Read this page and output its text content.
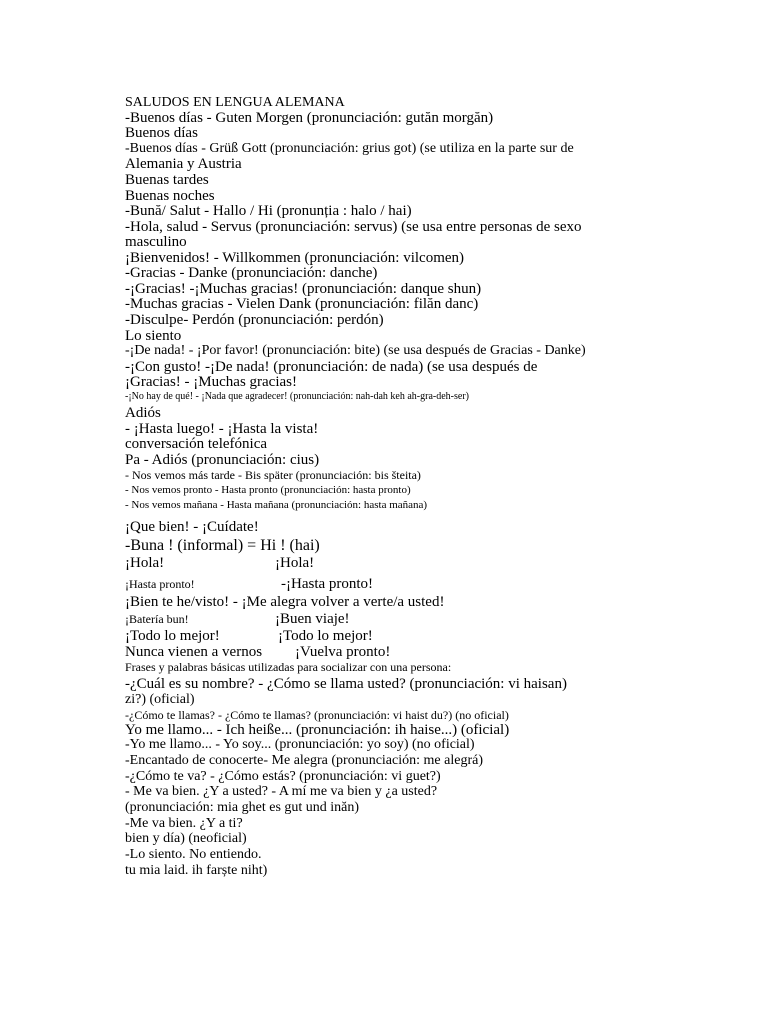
SALUDOS EN LENGUA ALEMANA
-Buenos días - Guten Morgen (pronunciación: gutăn morgăn)
Buenos días
-Buenos días - Grüß Gott (pronunciación: grius got) (se utiliza en la parte sur de
Alemania y Austria
Buenas tardes
Buenas noches
-Bună/ Salut - Hallo / Hi (pronunția : halo / hai)
-Hola, salud - Servus (pronunciación: servus) (se usa entre personas de sexo
masculino
¡Bienvenidos! - Willkommen (pronunciación: vilcomen)
-Gracias - Danke (pronunciación: danche)
-¡Gracias! -¡Muchas gracias! (pronunciación: danque shun)
-Muchas gracias - Vielen Dank (pronunciación: filăn danc)
-Disculpe- Perdón (pronunciación: perdón)
Lo siento
-¡De nada! - ¡Por favor! (pronunciación: bite) (se usa después de Gracias - Danke)
-¡Con gusto! -¡De nada! (pronunciación: de nada) (se usa después de
¡Gracias! - ¡Muchas gracias!
-¡No hay de qué! - ¡Nada que agradecer! (pronunciación: nah-dah keh ah-gra-deh-ser)
Adiós
- ¡Hasta luego! - ¡Hasta la vista!
conversación telefónica
Pa - Adiós (pronunciación: cius)
- Nos vemos más tarde - Bis später (pronunciación: bis šteita)
- Nos vemos pronto - Hasta pronto (pronunciación: hasta pronto)
- Nos vemos mañana - Hasta mañana (pronunciación: hasta mañana)
¡Que bien! - ¡Cuídate!
-Buna ! (informal) = Hi ! (hai)
¡Hola!	¡Hola!
¡Hasta pronto!	-¡Hasta pronto!
¡Bien te he/visto! - ¡Me alegra volver a verte/a usted!
¡Batería bun!	¡Buen viaje!
¡Todo lo mejor!	¡Todo lo mejor!
Nunca vienen a vernos ¡Vuelva pronto!
Frases y palabras básicas utilizadas para socializar con una persona:
-¿Cuál es su nombre? - ¿Cómo se llama usted? (pronunciación: vi haisan)
zi?) (oficial)
-¿Cómo te llamas? - ¿Cómo te llamas? (pronunciación: vi haist du?) (no oficial)
Yo me llamo... - Ich heiße... (pronunciación: ih haise...) (oficial)
-Yo me llamo... - Yo soy... (pronunciación: yo soy) (no oficial)
-Encantado de conocerte- Me alegra (pronunciación: me alegrá)
-¿Cómo te va? - ¿Cómo estás? (pronunciación: vi guet?)
- Me va bien. ¿Y a usted? - A mí me va bien y ¿a usted?
(pronunciación: mia ghet es gut und inăn)
-Me va bien. ¿Y a ti?
bien y día) (neoficial)
-Lo siento. No entiendo.
tu mia laid. ih farște niht)
